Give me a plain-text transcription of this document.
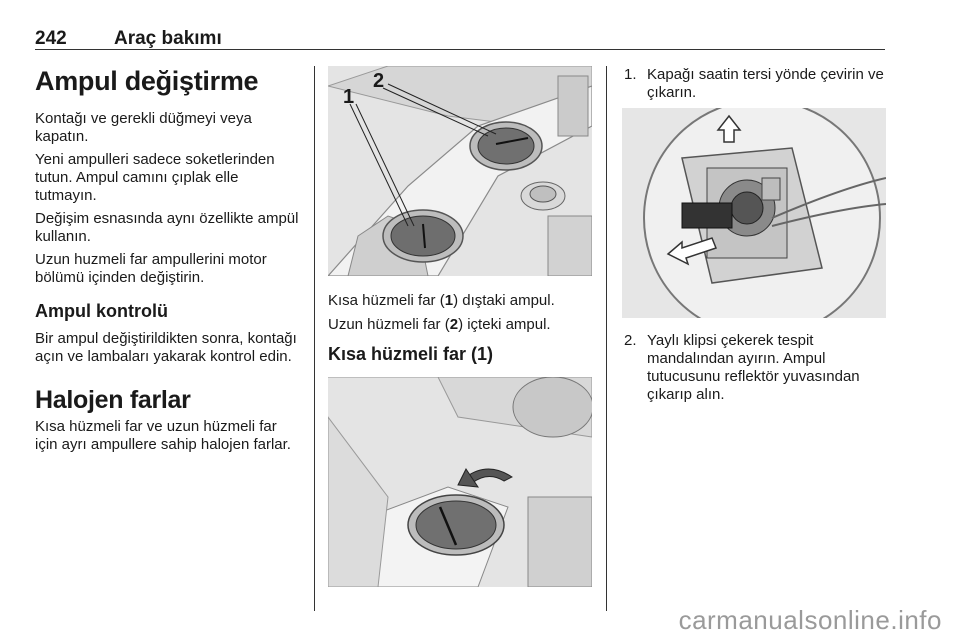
242 Araç bakımı
Ampul değiştirme

Kontağı ve gerekli düğmeyi veya kapatın.

Yeni ampulleri sadece soketlerinden tutun. Ampul camını çıplak elle tutmayın.

Değişim esnasında aynı özellikte ampül kullanın.

Uzun huzmeli far ampullerini motor bölümü içinden değiştirin.

Ampul kontrolü

Bir ampul değiştirildikten sonra, kontağı açın ve lambaları yakarak kontrol edin.

Halojen farlar

Kısa hüzmeli far ve uzun hüzmeli far için ayrı ampullere sahip halojen farlar.

1
2

Kısa hüzmeli far (1) dıştaki ampul.

Uzun hüzmeli far (2) içteki ampul.

Kısa hüzmeli far (1)
1. Kapağı saatin tersi yönde çevirin ve çıkarın.
2. Yaylı klipsi çekerek tespit mandalından ayırın. Ampul tutucusunu reflektör yuvasından çıkarıp alın.
carmanualsonline.info
